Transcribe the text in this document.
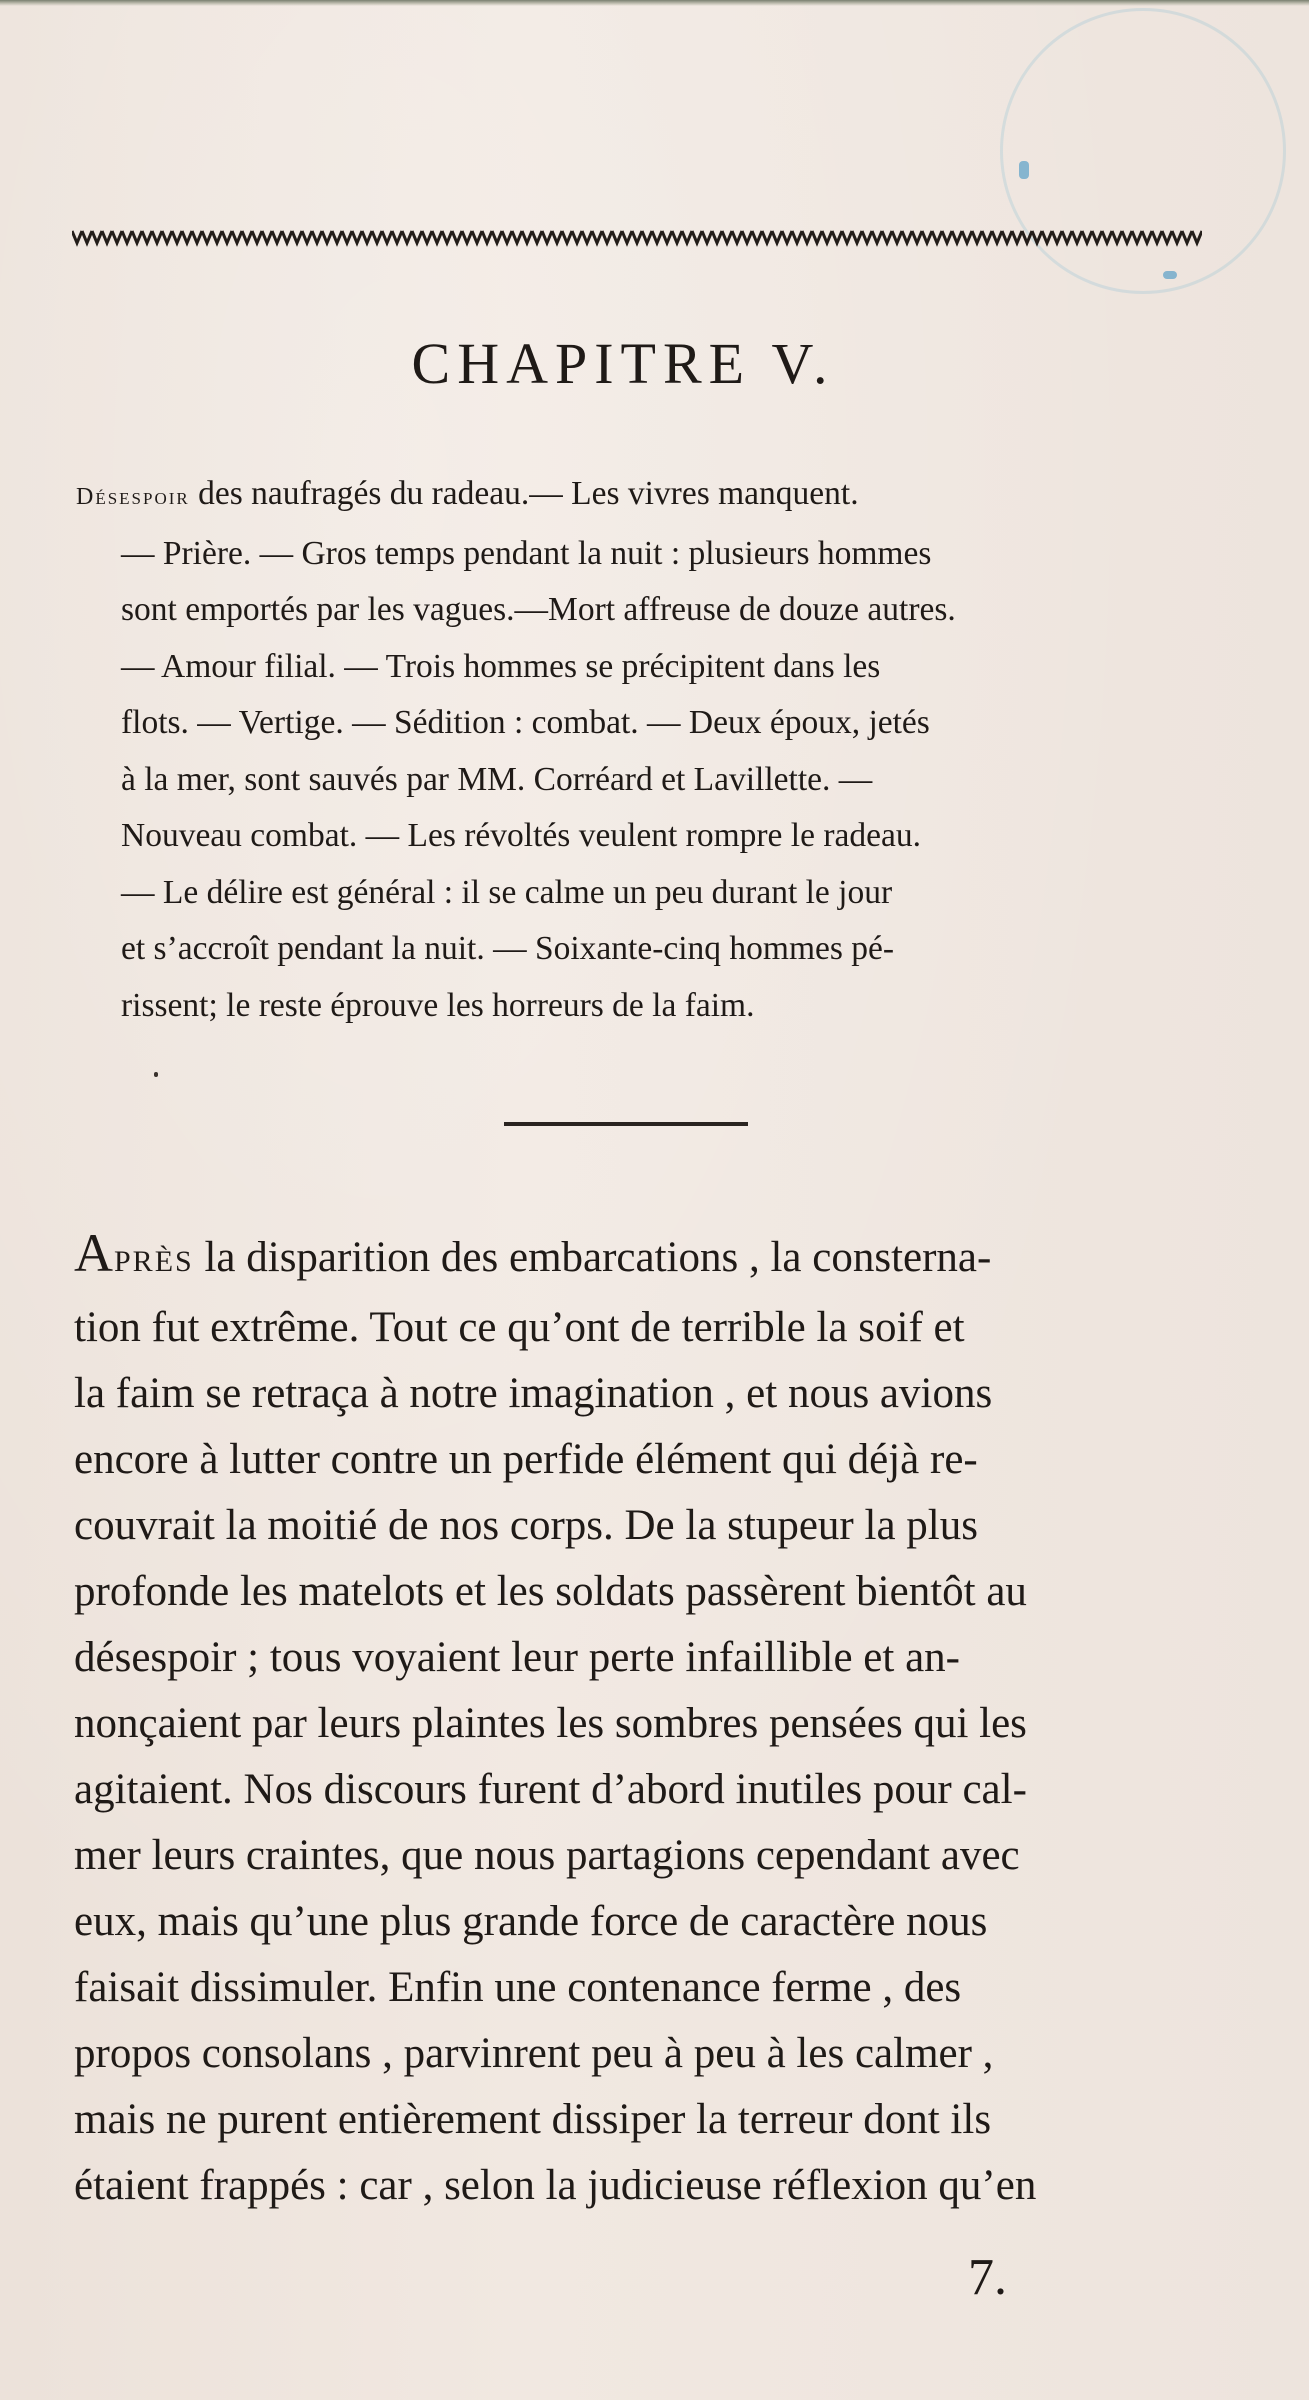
CHAPITRE V.
Désespoir des naufragés du radeau.— Les vivres manquent.
— Prière. — Gros temps pendant la nuit : plusieurs hommes
sont emportés par les vagues.—Mort affreuse de douze autres.
— Amour filial. — Trois hommes se précipitent dans les
flots. — Vertige. — Sédition : combat. — Deux époux, jetés
à la mer, sont sauvés par MM. Corréard et Lavillette. —
Nouveau combat. — Les révoltés veulent rompre le radeau.
— Le délire est général : il se calme un peu durant le jour
et s’accroît pendant la nuit. — Soixante-cinq hommes pé-
rissent; le reste éprouve les horreurs de la faim.
APRÈS la disparition des embarcations , la consterna-
tion fut extrême. Tout ce qu’ont de terrible la soif et
la faim se retraça à notre imagination , et nous avions
encore à lutter contre un perfide élément qui déjà re-
couvrait la moitié de nos corps. De la stupeur la plus
profonde les matelots et les soldats passèrent bientôt au
désespoir ; tous voyaient leur perte infaillible et an-
nonçaient par leurs plaintes les sombres pensées qui les
agitaient. Nos discours furent d’abord inutiles pour cal-
mer leurs craintes, que nous partagions cependant avec
eux, mais qu’une plus grande force de caractère nous
faisait dissimuler. Enfin une contenance ferme , des
propos consolans , parvinrent peu à peu à les calmer ,
mais ne purent entièrement dissiper la terreur dont ils
étaient frappés : car , selon la judicieuse réflexion qu’en
7.
